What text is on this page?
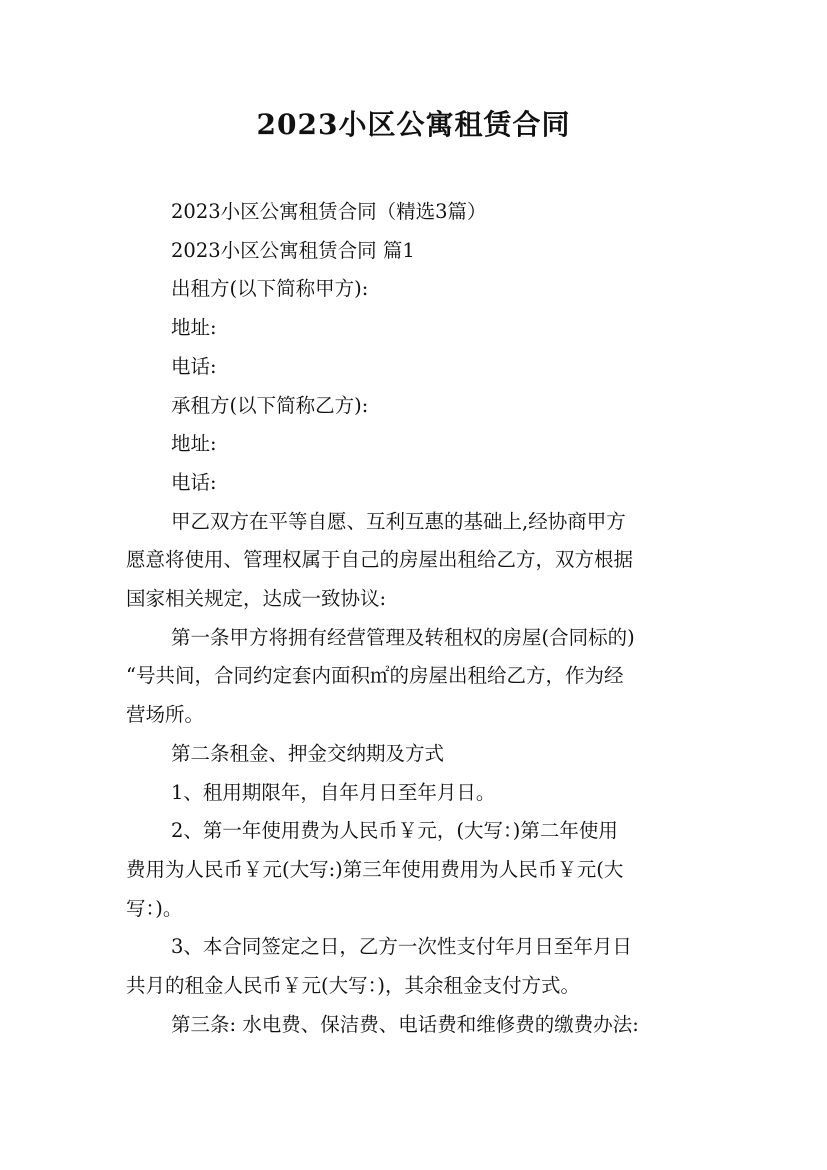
2023小区公寓租赁合同
2023小区公寓租赁合同（精选3篇）
2023小区公寓租赁合同 篇1
出租方(以下简称甲方):
地址:
电话:
承租方(以下简称乙方):
地址:
电话:
甲乙双方在平等自愿、互利互惠的基础上,经协商甲方
愿意将使用、管理权属于自己的房屋出租给乙方，双方根据
国家相关规定，达成一致协议:
第一条甲方将拥有经营管理及转租权的房屋(合同标的)
“号共间，合同约定套内面积㎡的房屋出租给乙方，作为经
营场所。
第二条租金、押金交纳期及方式
1、租用期限年，自年月日至年月日。
2、第一年使用费为人民币￥元，(大写：)第二年使用
费用为人民币￥元(大写:)第三年使用费用为人民币￥元(大
写：)。
3、本合同签定之日，乙方一次性支付年月日至年月日
共月的租金人民币￥元(大写：)，其余租金支付方式。
第三条: 水电费、保洁费、电话费和维修费的缴费办法:
